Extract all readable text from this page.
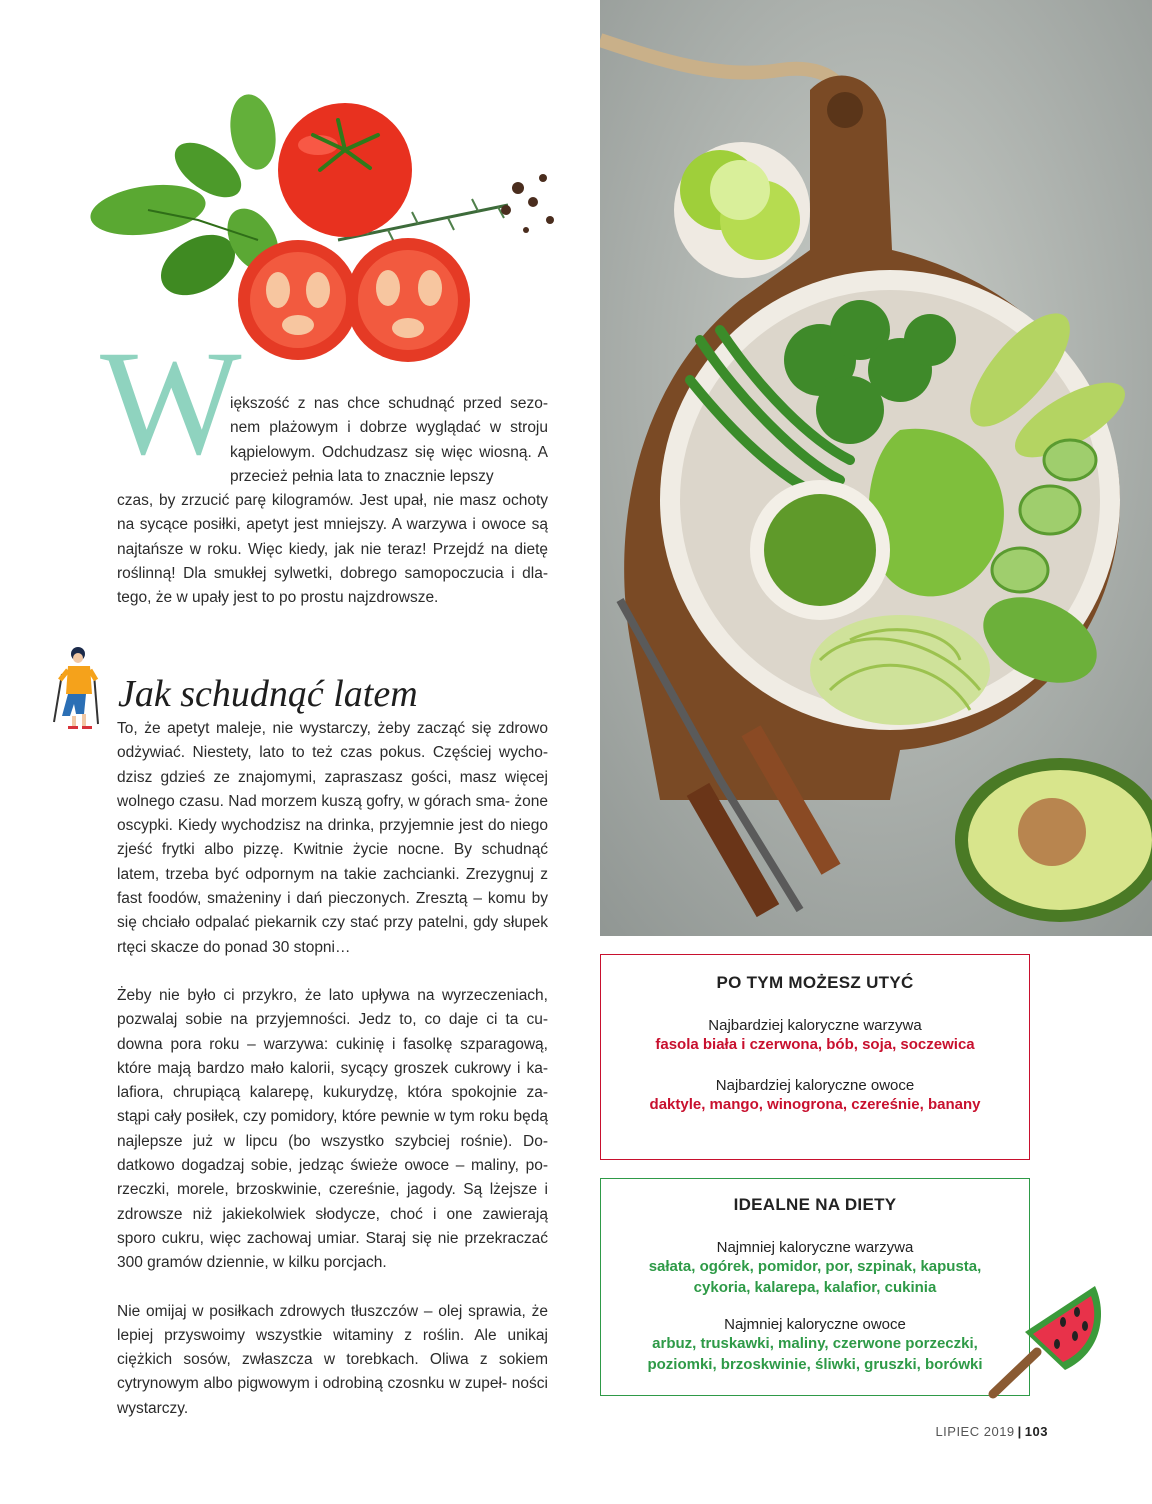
W

iększość z nas chce schudnąć przed sezo- nem plażowym i dobrze wyglądać w stroju kąpielowym. Odchudzasz się więc wiosną. A przecież pełnia lata to znacznie lepszy

czas, by zrzucić parę kilogramów. Jest upał, nie masz ochoty na sycące posiłki, apetyt jest mniejszy. A warzywa i owoce są najtańsze w roku. Więc kiedy, jak nie teraz! Przejdź na dietę roślinną! Dla smukłej sylwetki, dobrego samopoczucia i dla- tego, że w upały jest to po prostu najzdrowsze.

Jak schudnąć latem

To, że apetyt maleje, nie wystarczy, żeby zacząć się zdrowo odżywiać. Niestety, lato to też czas pokus. Częściej wycho- dzisz gdzieś ze znajomymi, zapraszasz gości, masz więcej wolnego czasu. Nad morzem kuszą gofry, w górach sma- żone oscypki. Kiedy wychodzisz na drinka, przyjemnie jest do niego zjeść frytki albo pizzę. Kwitnie życie nocne. By schudnąć latem, trzeba być odpornym na takie zachcianki. Zrezygnuj z fast foodów, smażeniny i dań pieczonych. Zresztą – komu by się chciało odpalać piekarnik czy stać przy patelni, gdy słupek rtęci skacze do ponad 30 stopni…

Żeby nie było ci przykro, że lato upływa na wyrzeczeniach, pozwalaj sobie na przyjemności. Jedz to, co daje ci ta cu- downa pora roku – warzywa: cukinię i fasolkę szparagową, które mają bardzo mało kalorii, sycący groszek cukrowy i ka- lafiora, chrupiącą kalarepę, kukurydzę, która spokojnie za- stąpi cały posiłek, czy pomidory, które pewnie w tym roku będą najlepsze już w lipcu (bo wszystko szybciej rośnie). Do- datkowo dogadzaj sobie, jedząc świeże owoce – maliny, po- rzeczki, morele, brzoskwinie, czereśnie, jagody. Są lżejsze i zdrowsze niż jakiekolwiek słodycze, choć i one zawierają sporo cukru, więc zachowaj umiar. Staraj się nie przekraczać 300 gramów dziennie, w kilku porcjach.

Nie omijaj w posiłkach zdrowych tłuszczów – olej sprawia, że lepiej przyswoimy wszystkie witaminy z roślin. Ale unikaj ciężkich sosów, zwłaszcza w torebkach. Oliwa z sokiem cytrynowym albo pigwowym i odrobiną czosnku w zupeł- ności wystarczy.

PO TYM MOŻESZ UTYĆ
Najbardziej kaloryczne warzywa
fasola biała i czerwona, bób, soja, soczewica
Najbardziej kaloryczne owoce
daktyle, mango, winogrona, czereśnie, banany
IDEALNE NA DIETY
Najmniej kaloryczne warzywa
sałata, ogórek, pomidor, por, szpinak, kapusta,
cykoria, kalarepa, kalafior, cukinia
Najmniej kaloryczne owoce
arbuz, truskawki, maliny, czerwone porzeczki,
poziomki, brzoskwinie, śliwki, gruszki, borówki
LIPIEC 2019 | 103
